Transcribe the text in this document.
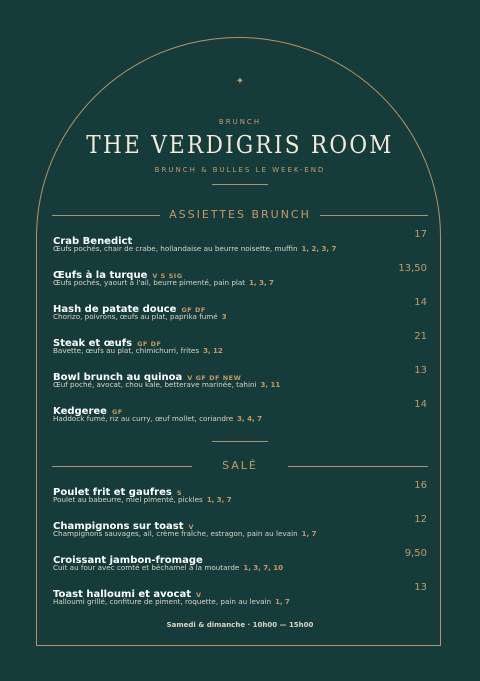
✦
BRUNCH
THE VERDIGRIS ROOM
BRUNCH & BULLES LE WEEK-END
ASSIETTES BRUNCH
Crab Benedict
17
Œufs pochés, chair de crabe, hollandaise au beurre noisette, muffin 1, 2, 3, 7
Œufs à la turque V S SIG
13,50
Œufs pochés, yaourt à l'ail, beurre pimenté, pain plat 1, 3, 7
Hash de patate douce GF DF
14
Chorizo, poivrons, œufs au plat, paprika fumé 3
Steak et œufs GF DF
21
Bavette, œufs au plat, chimichurri, frites 3, 12
Bowl brunch au quinoa V GF DF NEW
13
Œuf poché, avocat, chou kale, betterave marinée, tahini 3, 11
Kedgeree GF
14
Haddock fumé, riz au curry, œuf mollet, coriandre 3, 4, 7
SALÉ
Poulet frit et gaufres S
16
Poulet au babeurre, miel pimenté, pickles 1, 3, 7
Champignons sur toast V
12
Champignons sauvages, ail, crème fraîche, estragon, pain au levain 1, 7
Croissant jambon-fromage
9,50
Cuit au four avec comté et béchamel à la moutarde 1, 3, 7, 10
Toast halloumi et avocat V
13
Halloumi grillé, confiture de piment, roquette, pain au levain 1, 7
Samedi & dimanche · 10h00 — 15h00
